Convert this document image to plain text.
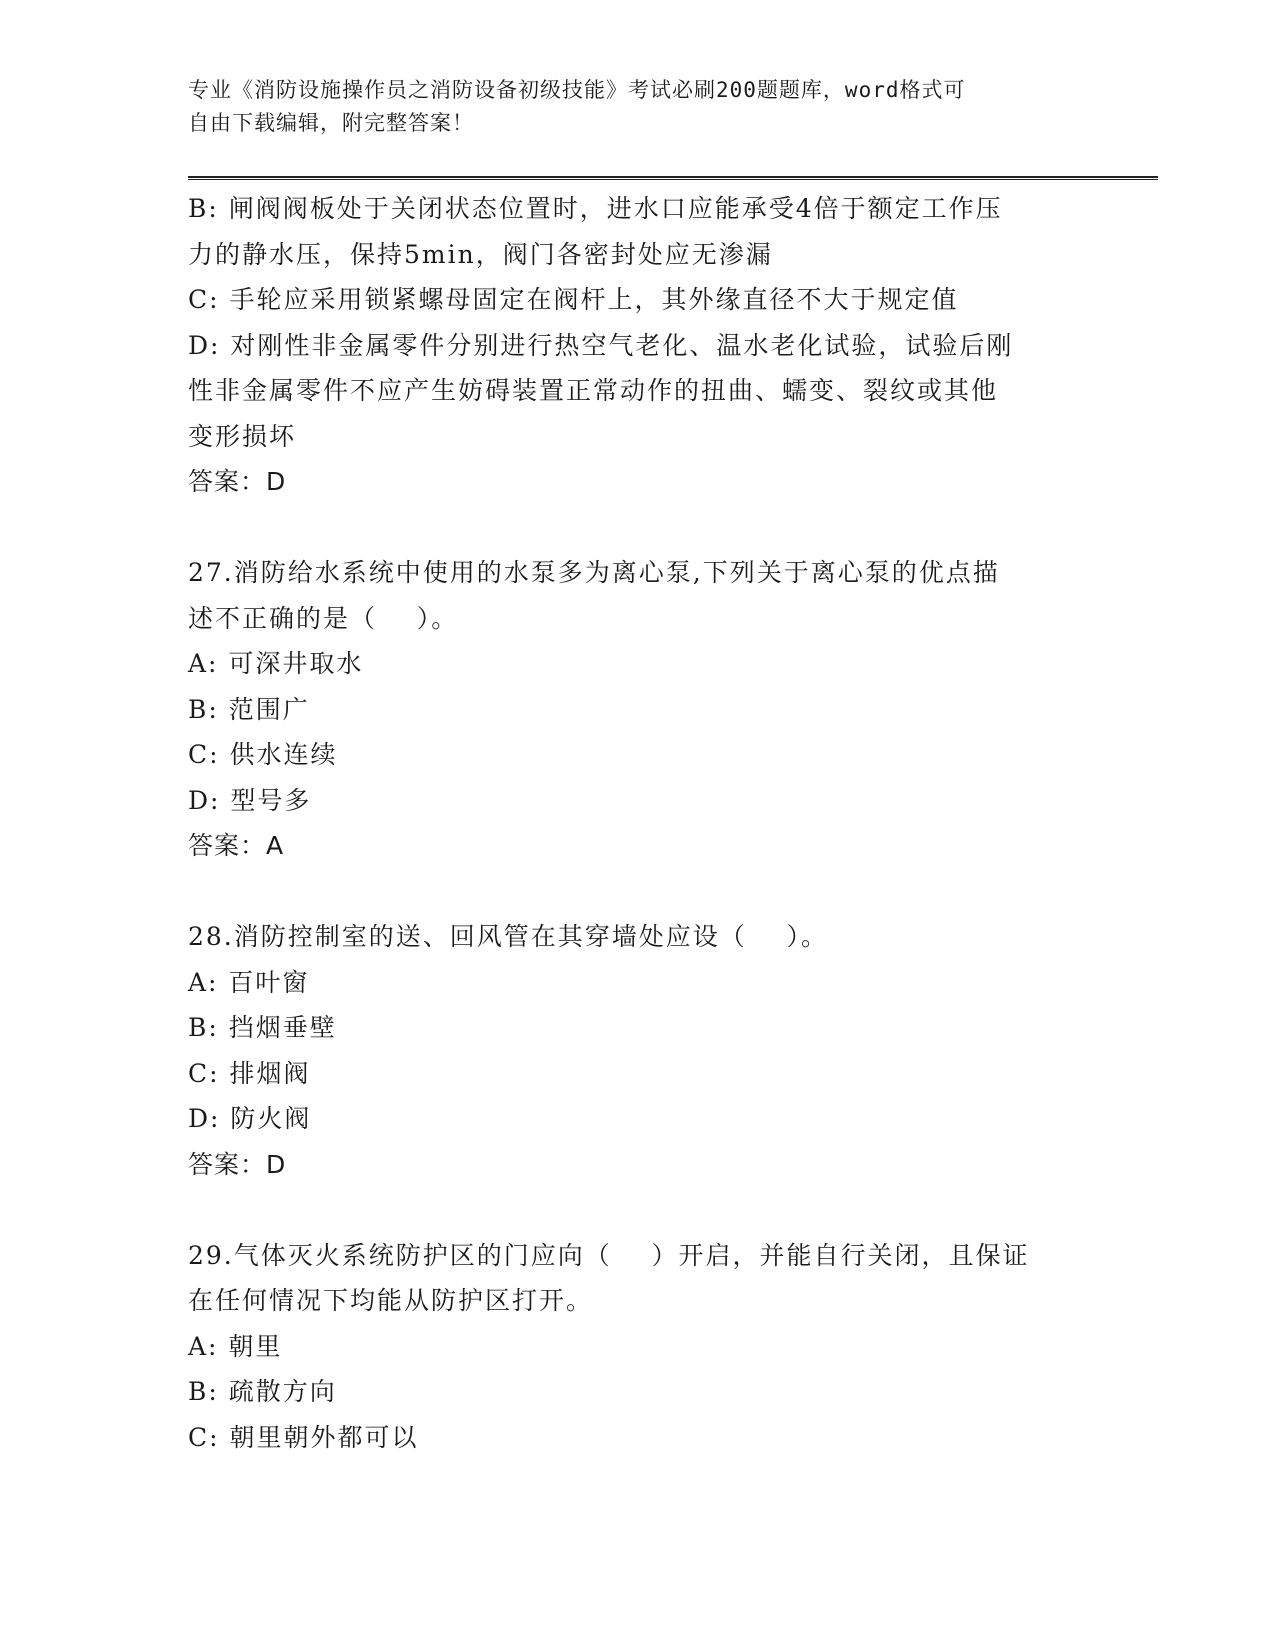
专业《消防设施操作员之消防设备初级技能》考试必刷200题题库，word格式可
自由下载编辑，附完整答案！
B: 闸阀阀板处于关闭状态位置时，进水口应能承受4倍于额定工作压
力的静水压，保持5min，阀门各密封处应无渗漏
C: 手轮应采用锁紧螺母固定在阀杆上，其外缘直径不大于规定值
D: 对刚性非金属零件分别进行热空气老化、温水老化试验，试验后刚
性非金属零件不应产生妨碍装置正常动作的扭曲、蠕变、裂纹或其他
变形损坏
答案：D
27.消防给水系统中使用的水泵多为离心泵,下列关于离心泵的优点描
述不正确的是（    ）。
A: 可深井取水
B: 范围广
C: 供水连续
D: 型号多
答案：A
28.消防控制室的送、回风管在其穿墙处应设（    ）。
A: 百叶窗
B: 挡烟垂壁
C: 排烟阀
D: 防火阀
答案：D
29.气体灭火系统防护区的门应向（    ）开启，并能自行关闭，且保证
在任何情况下均能从防护区打开。
A: 朝里
B: 疏散方向
C: 朝里朝外都可以
